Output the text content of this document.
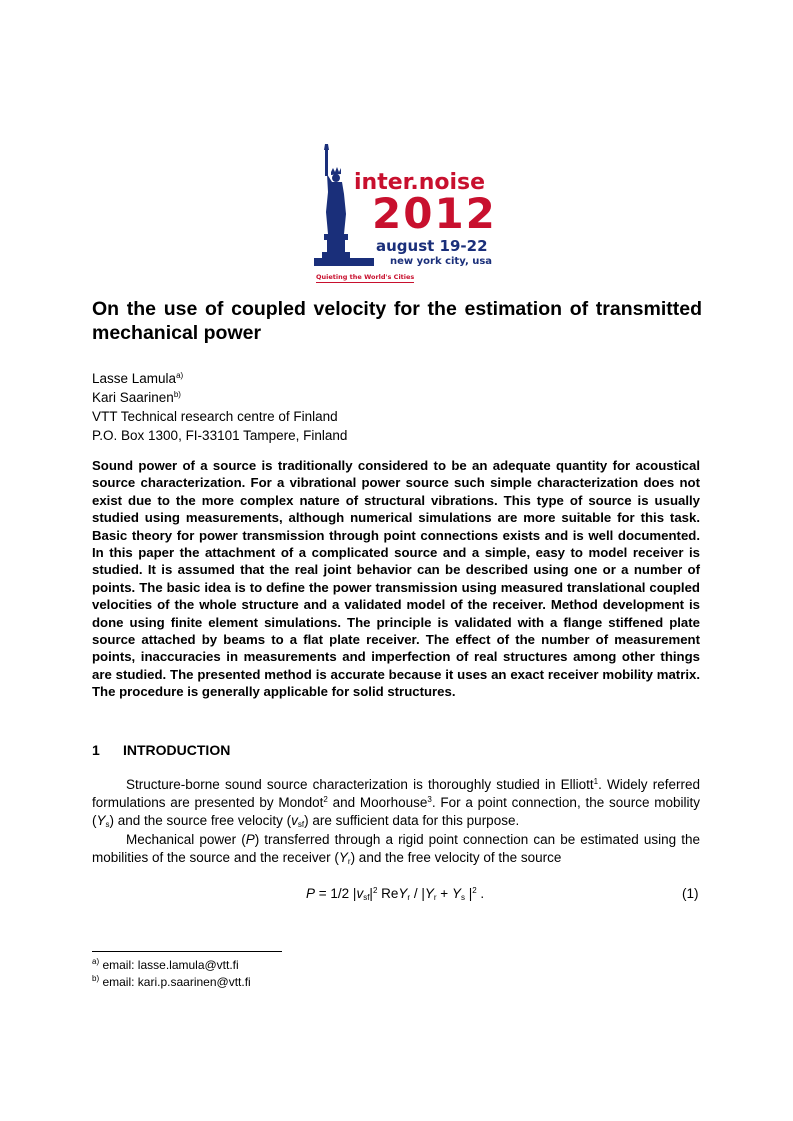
inter.noise
2012
august 19-22
new york city, usa
Quieting the World's Cities
On the use of coupled velocity for the estimation of transmitted mechanical power
Lasse Lamula$^{a)}$
Kari Saarinen$^{b)}$
VTT Technical research centre of Finland
P.O. Box 1300, FI-33101 Tampere, Finland
Sound power of a source is traditionally considered to be an adequate quantity for acoustical source characterization. For a vibrational power source such simple characterization does not exist due to the more complex nature of structural vibrations. This type of source is usually studied using measurements, although numerical simulations are more suitable for this task. Basic theory for power transmission through point connections exists and is well documented. In this paper the attachment of a complicated source and a simple, easy to model receiver is studied. It is assumed that the real joint behavior can be described using one or a number of points. The basic idea is to define the power transmission using measured translational coupled velocities of the whole structure and a validated model of the receiver. Method development is done using finite element simulations. The principle is validated with a flange stiffened plate source attached by beams to a flat plate receiver. The effect of the number of measurement points, inaccuracies in measurements and imperfection of real structures among other things are studied. The presented method is accurate because it uses an exact receiver mobility matrix. The procedure is generally applicable for solid structures.
1 INTRODUCTION

Structure-borne sound source characterization is thoroughly studied in Elliott$^1$. Widely referred formulations are presented by Mondot$^2$ and Moorhouse$^3$. For a point connection, the source mobility $(Y_s)$ and the source free velocity $(v_{sf})$ are sufficient data for this purpose.

Mechanical power (P) transferred through a rigid point connection can be estimated using the mobilities of the source and the receiver $(Y_r)$ and the free velocity of the source

P = 1/2 $|v_{sf}|^2$ $ReY_r / |Y_r + Y_s$ $|^2$ .	(1)
$^{a)}$ email: lasse.lamula@vtt.fi
$^{b)}$ email: kari.p.saarinen@vtt.fi
